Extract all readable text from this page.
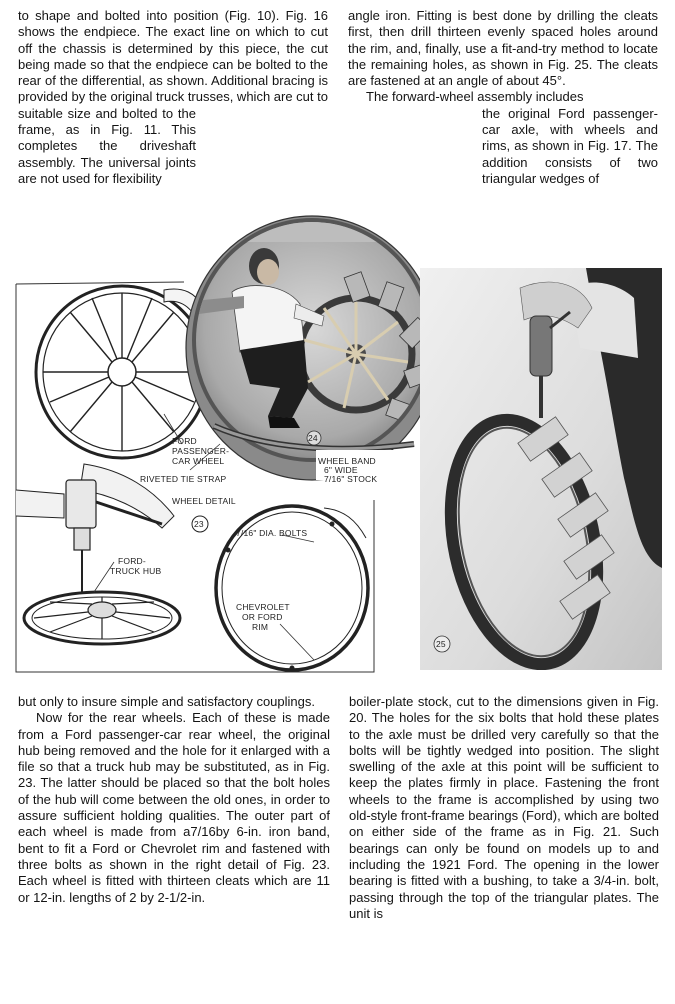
to shape and bolted into position (Fig. 10). Fig. 16 shows the endpiece. The exact line on which to cut off the chassis is determined by this piece, the cut being made so that the endpiece can be bolted to the rear of the differential, as shown. Additional bracing is provided by the original truck trusses, which are cut to

suitable size and bolted to the frame, as in Fig. 11. This completes the driveshaft assembly. The universal joints are not used for flexibility

angle iron. Fitting is best done by drilling the cleats first, then drill thirteen evenly spaced holes around the rim, and, finally, use a fit-and-try method to locate the remaining holes, as shown in Fig. 25. The cleats are fastened at an angle of about 45°.

The forward-wheel assembly includes

the original Ford passenger-car axle, with wheels and rims, as shown in Fig. 17. The addition consists of two triangular wedges of

FORD
PASSENGER-
CAR WHEEL
RIVETED TIE STRAP
WHEEL DETAIL
FORD-
TRUCK HUB
7/16" DIA. BOLTS
CHEVROLET
OR FORD
RIM
23
WHEEL BAND
6" WIDE
7/16" STOCK
24
25

but only to insure simple and satisfactory couplings.

Now for the rear wheels. Each of these is made from a Ford passenger-car rear wheel, the original hub being removed and the hole for it enlarged with a file so that a truck hub may be substituted, as in Fig. 23. The latter should be placed so that the bolt holes of the hub will come between the old ones, in order to assure sufficient holding qualities. The outer part of each wheel is made from a7/16by 6-in. iron band, bent to fit a Ford or Chevrolet rim and fastened with three bolts as shown in the right detail of Fig. 23. Each wheel is fitted with thirteen cleats which are 11 or 12-in. lengths of 2 by 2-1/2-in.

boiler-plate stock, cut to the dimensions given in Fig. 20. The holes for the six bolts that hold these plates to the axle must be drilled very carefully so that the bolts will be tightly wedged into position. The slight swelling of the axle at this point will be sufficient to keep the plates firmly in place. Fastening the front wheels to the frame is accomplished by using two old-style front-frame bearings (Ford), which are bolted on either side of the frame as in Fig. 21. Such bearings can only be found on models up to and including the 1921 Ford. The opening in the lower bearing is fitted with a bushing, to take a 3/4-in. bolt, passing through the top of the triangular plates. The unit is
